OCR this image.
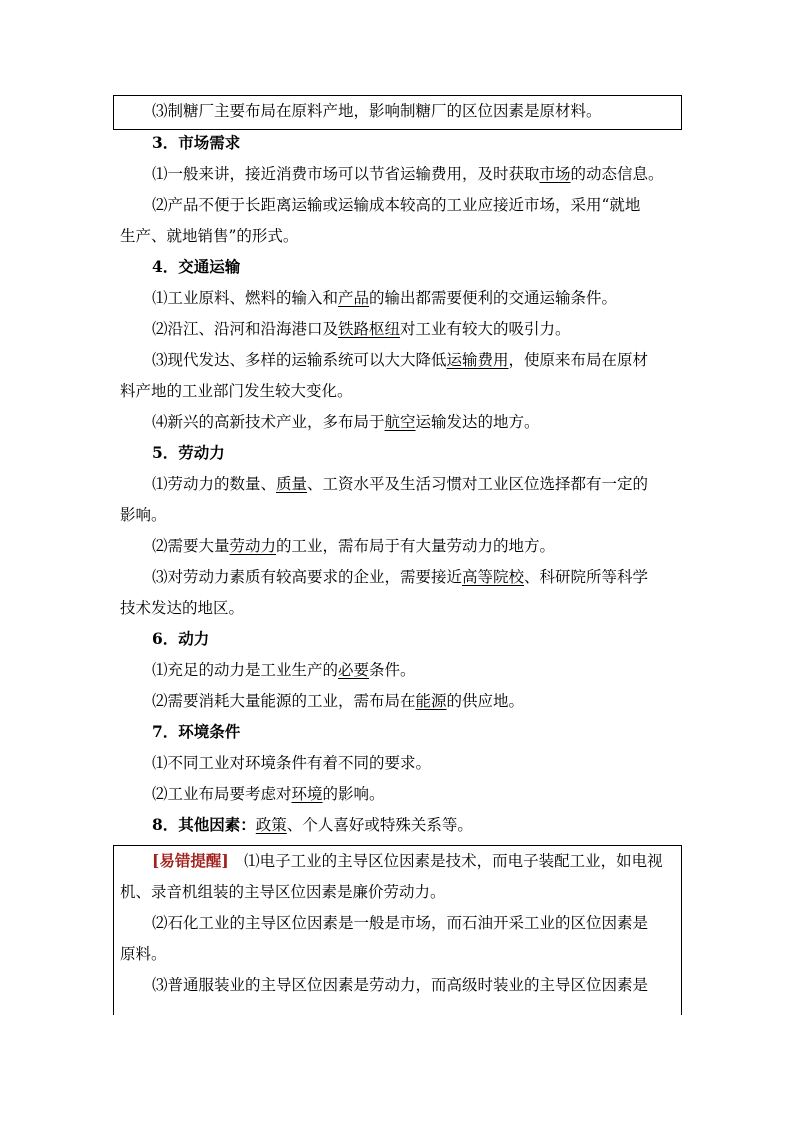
⑶制糖厂主要布局在原料产地，影响制糖厂的区位因素是原材料。
3．市场需求
⑴一般来讲，接近消费市场可以节省运输费用，及时获取市场的动态信息。
⑵产品不便于长距离运输或运输成本较高的工业应接近市场，采用“就地
生产、就地销售”的形式。
4．交通运输
⑴工业原料、燃料的输入和产品的输出都需要便利的交通运输条件。
⑵沿江、沿河和沿海港口及铁路枢纽对工业有较大的吸引力。
⑶现代发达、多样的运输系统可以大大降低运输费用，使原来布局在原材
料产地的工业部门发生较大变化。
⑷新兴的高新技术产业，多布局于航空运输发达的地方。
5．劳动力
⑴劳动力的数量、质量、工资水平及生活习惯对工业区位选择都有一定的
影响。
⑵需要大量劳动力的工业，需布局于有大量劳动力的地方。
⑶对劳动力素质有较高要求的企业，需要接近高等院校、科研院所等科学
技术发达的地区。
6．动力
⑴充足的动力是工业生产的必要条件。
⑵需要消耗大量能源的工业，需布局在能源的供应地。
7．环境条件
⑴不同工业对环境条件有着不同的要求。
⑵工业布局要考虑对环境的影响。
8．其他因素：政策、个人喜好或特殊关系等。
[易错提醒]　⑴电子工业的主导区位因素是技术，而电子装配工业，如电视
机、录音机组装的主导区位因素是廉价劳动力。
⑵石化工业的主导区位因素是一般是市场，而石油开采工业的区位因素是
原料。
⑶普通服装业的主导区位因素是劳动力，而高级时装业的主导区位因素是
